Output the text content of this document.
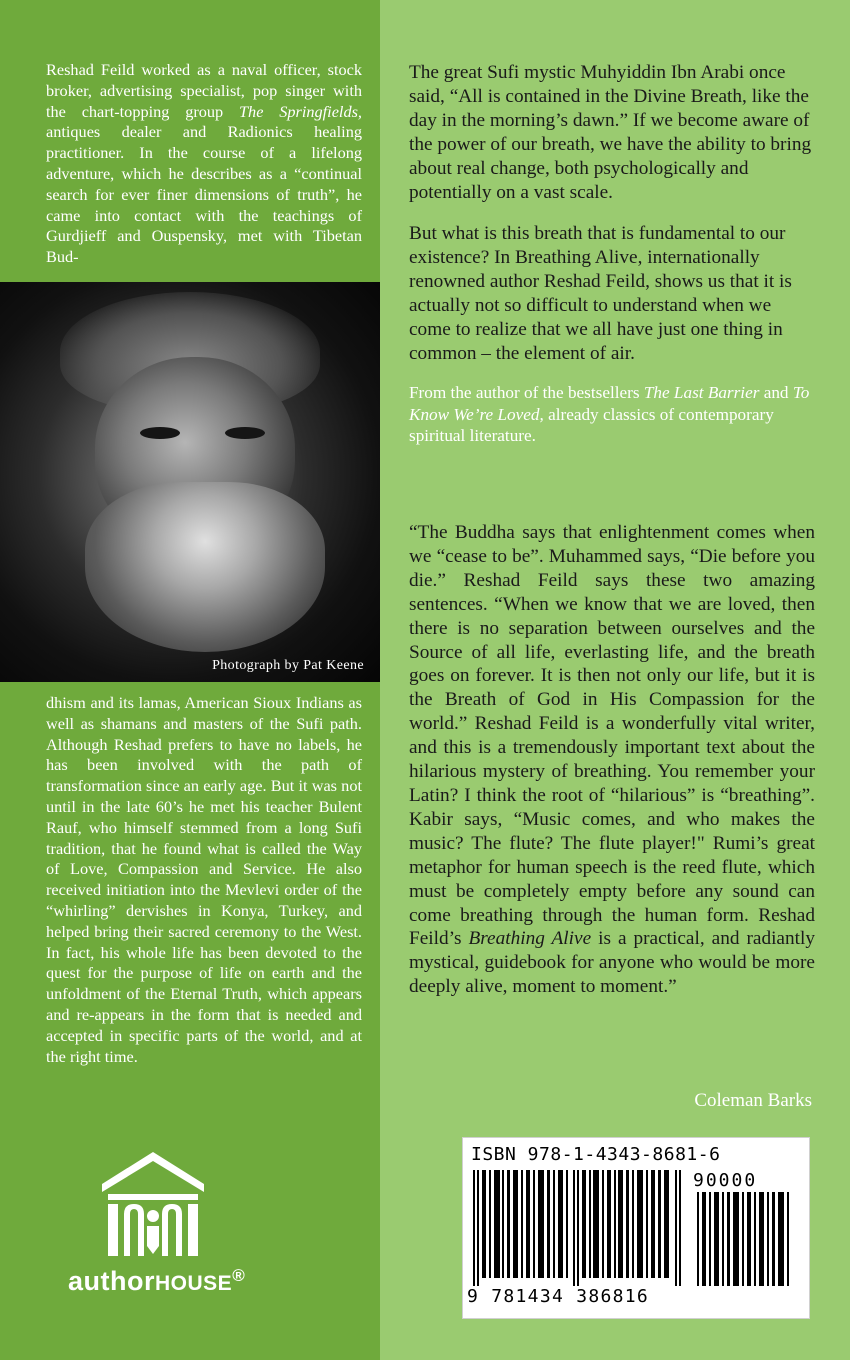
Reshad Feild worked as a naval officer, stock broker, advertising specialist, pop singer with the chart-topping group The Springfields, antiques dealer and Radionics healing practitioner. In the course of a lifelong adventure, which he describes as a “continual search for ever finer dimensions of truth”, he came into contact with the teachings of Gurdjieff and Ouspensky, met with Tibetan Bud-
Photograph by Pat Keene
dhism and its lamas, American Sioux Indians as well as shamans and masters of the Sufi path. Although Reshad prefers to have no labels, he has been involved with the path of transformation since an early age. But it was not until in the late 60’s he met his teacher Bulent Rauf, who himself stemmed from a long Sufi tradition, that he found what is called the Way of Love, Compassion and Service. He also received initiation into the Mevlevi order of the “whirling” dervishes in Konya, Turkey, and helped bring their sacred ceremony to the West. In fact, his whole life has been devoted to the quest for the purpose of life on earth and the unfoldment of the Eternal Truth, which appears and re-appears in the form that is needed and accepted in specific parts of the world, and at the right time.
authorHOUSE®

The great Sufi mystic Muhyiddin Ibn Arabi once said, “All is contained in the Divine Breath, like the day in the morning’s dawn.” If we become aware of the power of our breath, we have the ability to bring about real change, both psychologically and potentially on a vast scale.

But what is this breath that is fundamental to our existence? In Breathing Alive, internationally renowned author Reshad Feild, shows us that it is actually not so difficult to understand when we come to realize that we all have just one thing in common – the element of air.

From the author of the bestsellers The Last Barrier and To Know We’re Loved, already classics of contemporary spiritual literature.

“The Buddha says that enlightenment comes when we “cease to be”. Muhammed says, “Die before you die.” Reshad Feild says these two amazing sentences. “When we know that we are loved, then there is no separation between ourselves and the Source of all life, everlasting life, and the breath goes on forever. It is then not only our life, but it is the Breath of God in His Compassion for the world.” Reshad Feild is a wonderfully vital writer, and this is a tremendously important text about the hilarious mystery of breathing. You remember your Latin? I think the root of “hilarious” is “breathing”. Kabir says, “Music comes, and who makes the music? The flute? The flute player!" Rumi’s great metaphor for human speech is the reed flute, which must be completely empty before any sound can come breathing through the human form. Reshad Feild’s Breathing Alive is a practical, and radiantly mystical, guidebook for anyone who would be more deeply alive, moment to moment.”

Coleman Barks
ISBN 978-1-4343-8681-6
90000
9 781434 386816
